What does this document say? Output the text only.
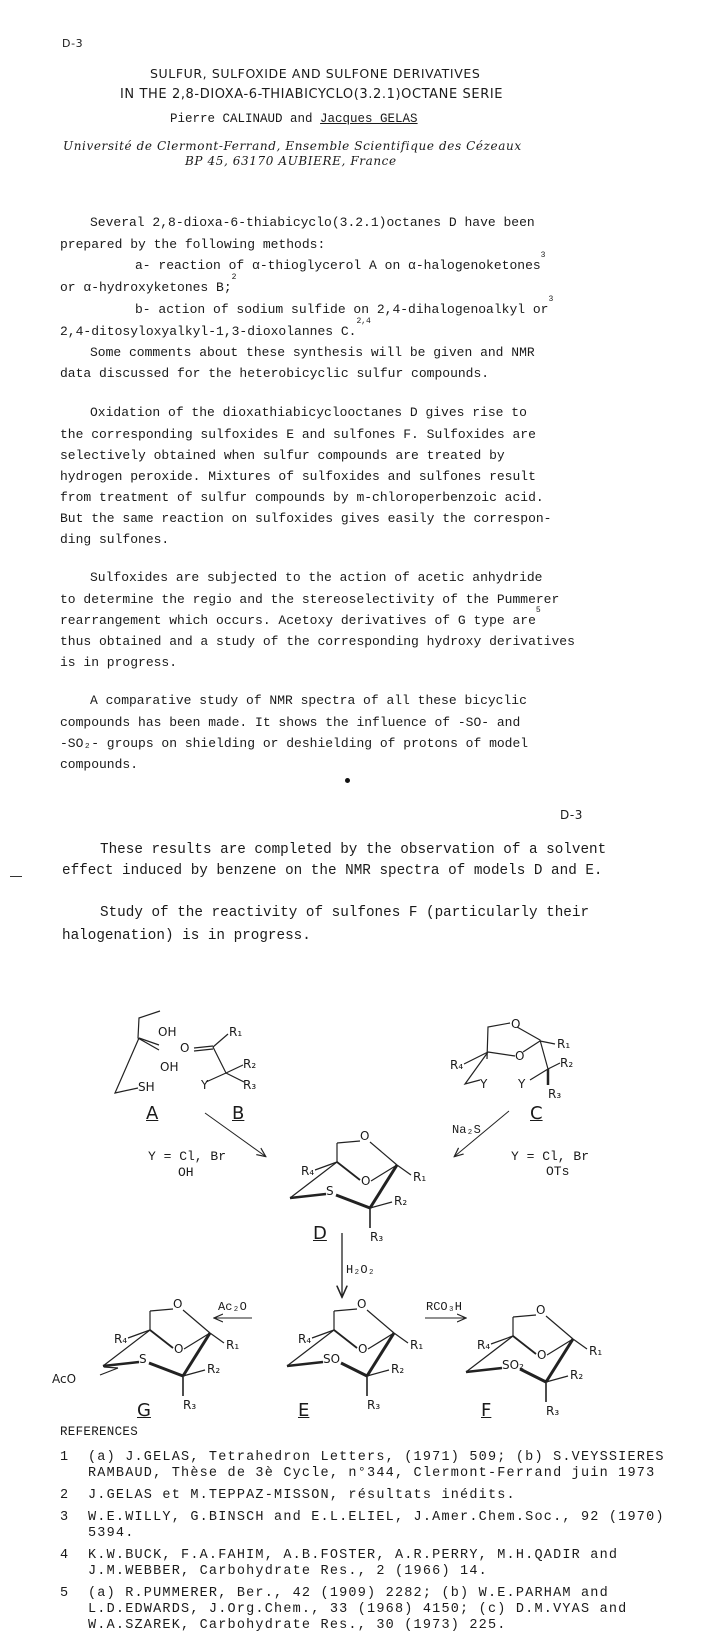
D-3
SULFUR, SULFOXIDE AND SULFONE DERIVATIVES
IN THE 2,8-DIOXA-6-THIABICYCLO(3.2.1)OCTANE SERIE
Pierre CALINAUD and Jacques GELAS
Université de Clermont-Ferrand, Ensemble Scientifique des Cézeaux
BP 45, 63170 AUBIERE, France
Several 2,8-dioxa-6-thiabicyclo(3.2.1)octanes D have been
prepared by the following methods:
a- reaction of α-thioglycerol A on α-halogenoketones$^3$
or α-hydroxyketones B;$^2$
b- action of sodium sulfide on 2,4-dihalogenoalkyl $or^3$
2,4-ditosyloxyalkyl-1,3-dioxolannes C.$^{2,4}$
Some comments about these synthesis will be given and NMR
data discussed for the heterobicyclic sulfur compounds.
Oxidation of the dioxathiabicyclooctanes D gives rise to
the corresponding sulfoxides E and sulfones F. Sulfoxides are
selectively obtained when sulfur compounds are treated by
hydrogen peroxide. Mixtures of sulfoxides and sulfones result
from treatment of sulfur compounds by m-chloroperbenzoic acid.
But the same reaction on sulfoxides gives easily the correspon-
ding sulfones.
Sulfoxides are subjected to the action of acetic anhydride
to determine the regio and the stereoselectivity of the Pummerer
rearrangement which occurs. Acetoxy derivatives of G type are$^5$
thus obtained and a study of the corresponding hydroxy derivatives
is in progress.
A comparative study of NMR spectra of all these bicyclic
compounds has been made. It shows the influence of -SO- and
-SO₂- groups on shielding or deshielding of protons of model
compounds.
D-3
These results are completed by the observation of a solvent
effect induced by benzene on the NMR spectra of models D and E.
Study of the reactivity of sulfones F (particularly their
halogenation) is in progress.
OH
OH
SH
O
R₁
R₂
Y	R₃
O
O
R₁
R₂
R₄
Y	Y
R₃
A	B	C
Y = Cl, Br
OH
Y = Cl, Br
OTs
Na₂S
H₂O₂
Ac₂O	RCO₃H
D
G	E	F
AcO
O
O
S
R₁
R₂
R₃
R₄
O
O
S
R₁
R₂
R₃
R₄
O
O
SO
R₁
R₂
R₃
R₄
O
O
SO₂
R₁
R₂
R₃
R₄
REFERENCES
1 (a) J.GELAS, Tetrahedron Letters, (1971) 509; (b) S.VEYSSIERES
RAMBAUD, Thèse de 3è Cycle, n°344, Clermont-Ferrand juin 1973
2 J.GELAS et M.TEPPAZ-MISSON, résultats inédits.
3 W.E.WILLY, G.BINSCH and E.L.ELIEL, J.Amer.Chem.Soc., 92 (1970)
5394.
4 K.W.BUCK, F.A.FAHIM, A.B.FOSTER, A.R.PERRY, M.H.QADIR and
J.M.WEBBER, Carbohydrate Res., 2 (1966) 14.
5 (a) R.PUMMERER, Ber., 42 (1909) 2282; (b) W.E.PARHAM and
L.D.EDWARDS, J.Org.Chem., 33 (1968) 4150; (c) D.M.VYAS and
W.A.SZAREK, Carbohydrate Res., 30 (1973) 225.
